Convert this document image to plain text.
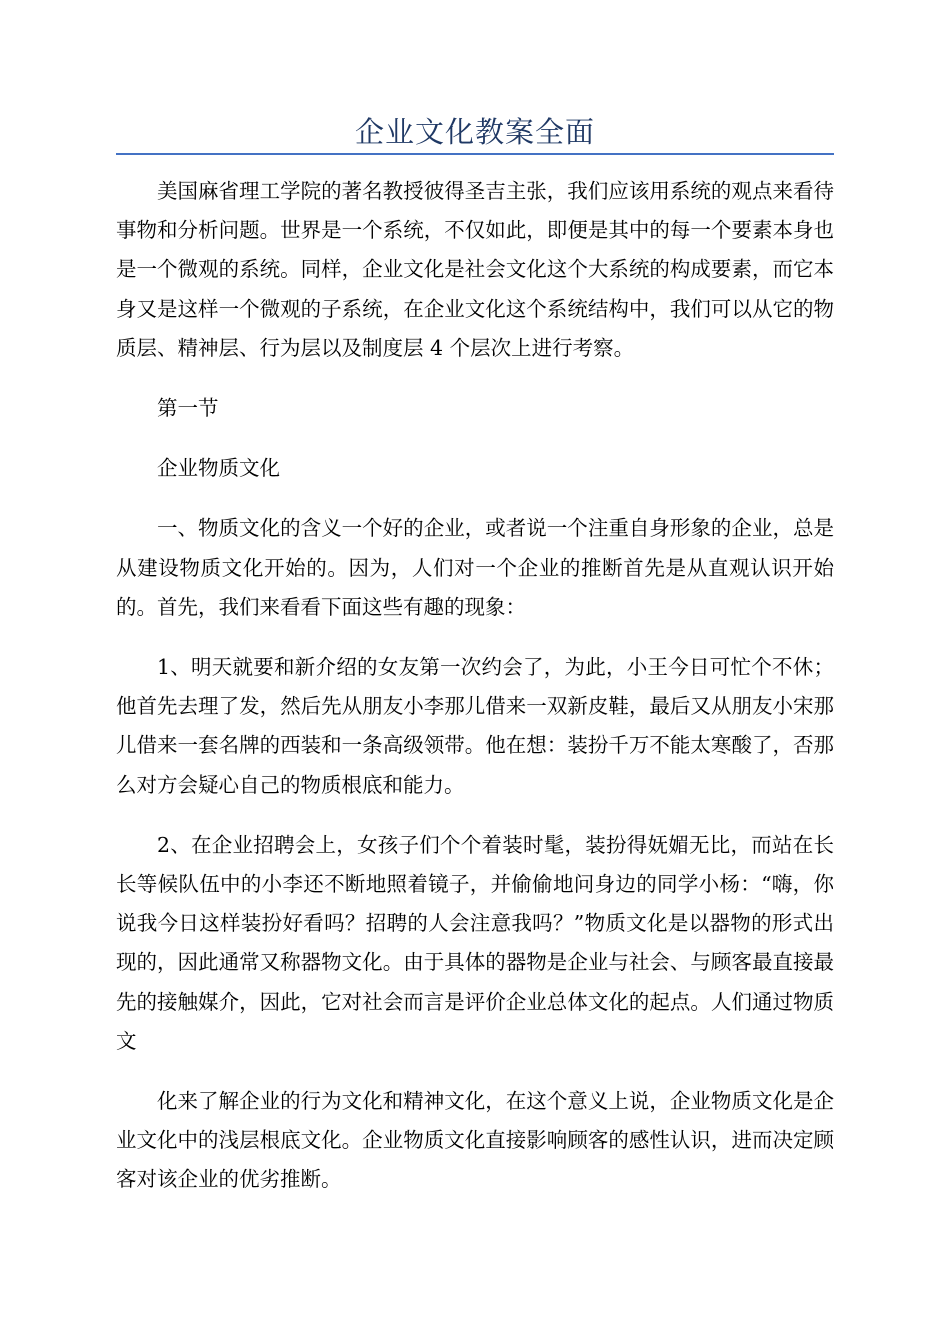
企业文化教案全面

美国麻省理工学院的著名教授彼得圣吉主张，我们应该用系统的观点来看待事物和分析问题。世界是一个系统，不仅如此，即便是其中的每一个要素本身也是一个微观的系统。同样，企业文化是社会文化这个大系统的构成要素，而它本身又是这样一个微观的子系统，在企业文化这个系统结构中，我们可以从它的物质层、精神层、行为层以及制度层 4 个层次上进行考察。

第一节

企业物质文化

一、物质文化的含义一个好的企业，或者说一个注重自身形象的企业，总是从建设物质文化开始的。因为，人们对一个企业的推断首先是从直观认识开始的。首先，我们来看看下面这些有趣的现象：

1、明天就要和新介绍的女友第一次约会了，为此，小王今日可忙个不休；他首先去理了发，然后先从朋友小李那儿借来一双新皮鞋，最后又从朋友小宋那儿借来一套名牌的西装和一条高级领带。他在想：装扮千万不能太寒酸了，否那么对方会疑心自己的物质根底和能力。

2、在企业招聘会上，女孩子们个个着装时髦，装扮得妩媚无比，而站在长长等候队伍中的小李还不断地照着镜子，并偷偷地问身边的同学小杨：“嗨，你说我今日这样装扮好看吗？招聘的人会注意我吗？”物质文化是以器物的形式出现的，因此通常又称器物文化。由于具体的器物是企业与社会、与顾客最直接最先的接触媒介，因此，它对社会而言是评价企业总体文化的起点。人们通过物质文

化来了解企业的行为文化和精神文化，在这个意义上说，企业物质文化是企业文化中的浅层根底文化。企业物质文化直接影响顾客的感性认识，进而决定顾客对该企业的优劣推断。
